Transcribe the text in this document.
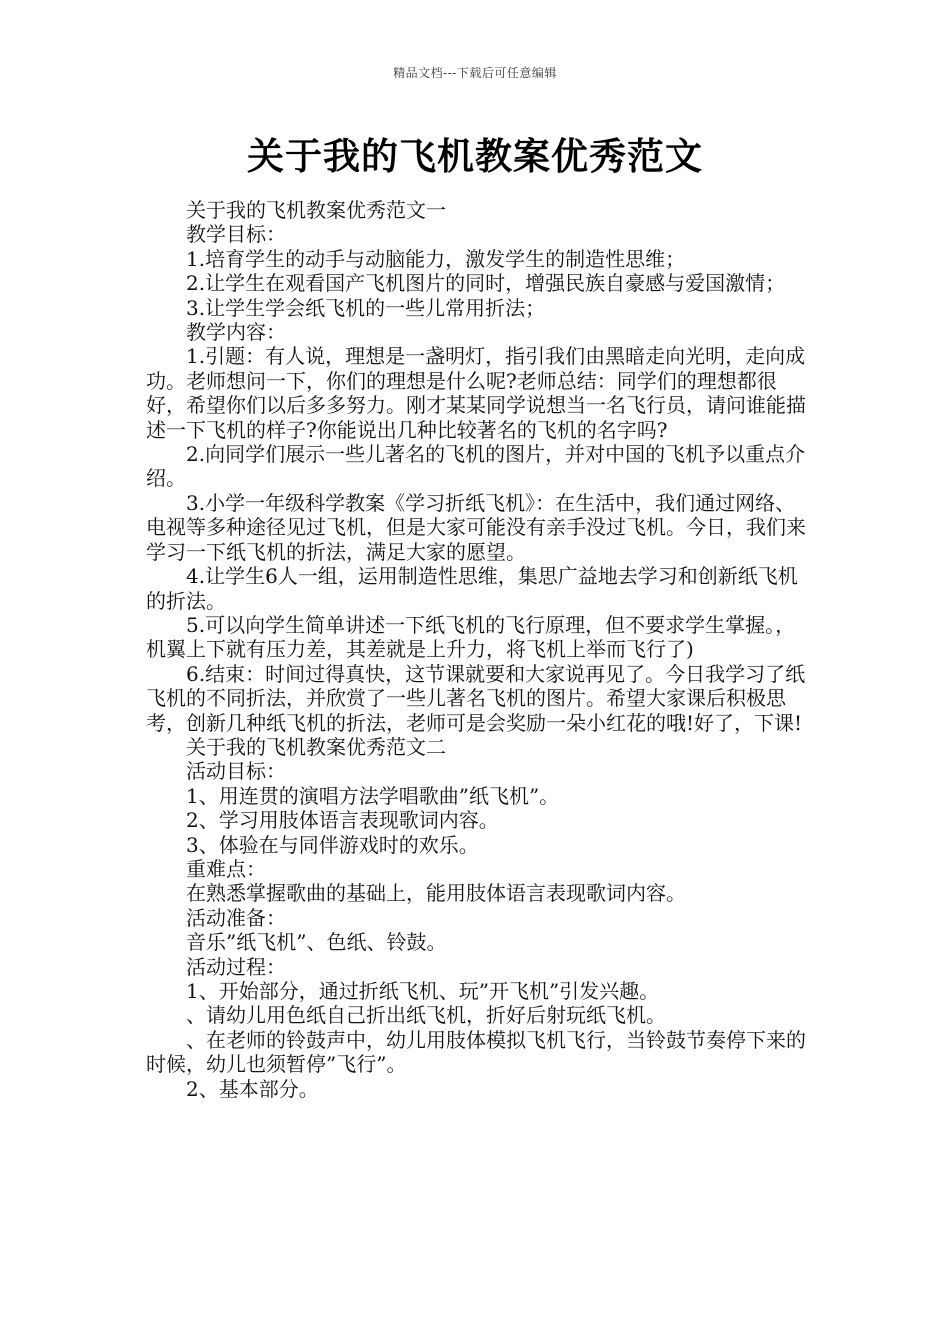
精品文档---下载后可任意编辑
关于我的飞机教案优秀范文

关于我的飞机教案优秀范文一

教学目标：

1.培育学生的动手与动脑能力，激发学生的制造性思维；

2.让学生在观看国产飞机图片的同时，增强民族自豪感与爱国激情；

3.让学生学会纸飞机的一些儿常用折法；

教学内容：

1.引题：有人说，理想是一盏明灯，指引我们由黑暗走向光明，走向成功。老师想问一下，你们的理想是什么呢?老师总结：同学们的理想都很好，希望你们以后多多努力。刚才某某同学说想当一名飞行员，请问谁能描述一下飞机的样子?你能说出几种比较著名的飞机的名字吗?

2.向同学们展示一些儿著名的飞机的图片，并对中国的飞机予以重点介绍。

3.小学一年级科学教案《学习折纸飞机》：在生活中，我们通过网络、电视等多种途径见过飞机，但是大家可能没有亲手没过飞机。今日，我们来学习一下纸飞机的折法，满足大家的愿望。

4.让学生6人一组，运用制造性思维，集思广益地去学习和创新纸飞机的折法。

5.可以向学生简单讲述一下纸飞机的飞行原理，但不要求学生掌握。，机翼上下就有压力差，其差就是上升力，将飞机上举而飞行了)

6.结束：时间过得真快，这节课就要和大家说再见了。今日我学习了纸飞机的不同折法，并欣赏了一些儿著名飞机的图片。希望大家课后积极思考，创新几种纸飞机的折法，老师可是会奖励一朵小红花的哦!好了，下课!

关于我的飞机教案优秀范文二

活动目标：

1、用连贯的演唱方法学唱歌曲”纸飞机”。

2、学习用肢体语言表现歌词内容。

3、体验在与同伴游戏时的欢乐。

重难点：

在熟悉掌握歌曲的基础上，能用肢体语言表现歌词内容。

活动准备：

音乐”纸飞机”、色纸、铃鼓。

活动过程：

1、开始部分，通过折纸飞机、玩”开飞机”引发兴趣。

、请幼儿用色纸自己折出纸飞机，折好后射玩纸飞机。

、在老师的铃鼓声中，幼儿用肢体模拟飞机飞行，当铃鼓节奏停下来的时候，幼儿也须暂停”飞行”。

2、基本部分。
